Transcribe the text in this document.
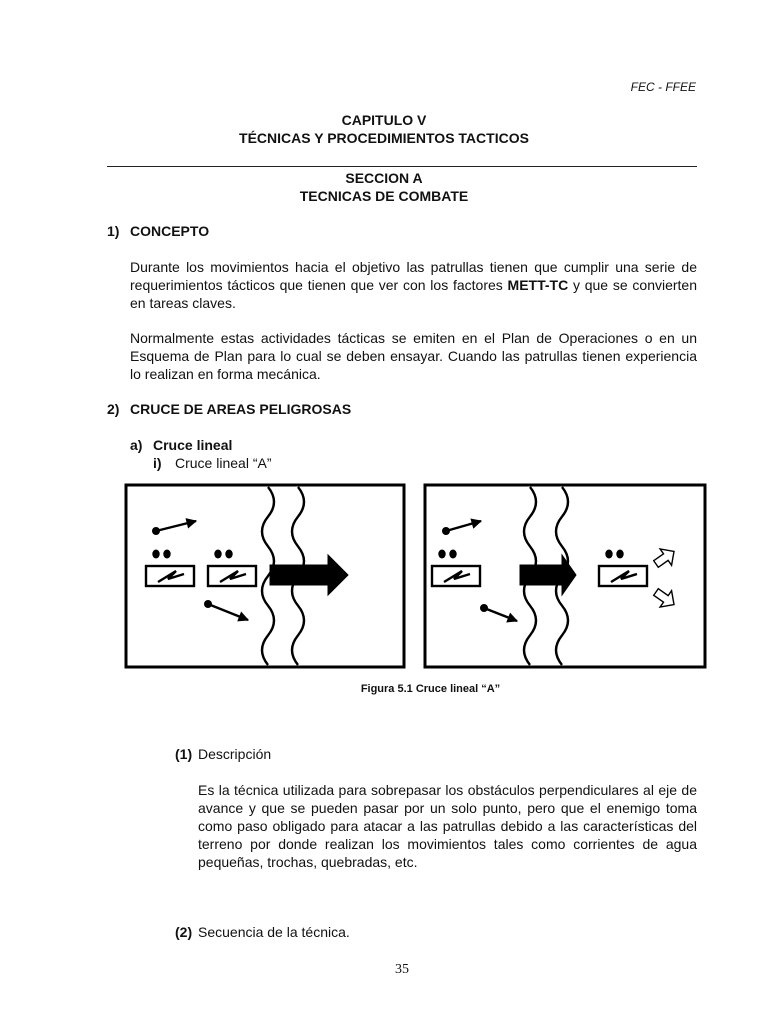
FEC - FFEE
CAPITULO V
TÉCNICAS Y PROCEDIMIENTOS TACTICOS
SECCION A
TECNICAS DE COMBATE
1) CONCEPTO
Durante los movimientos hacia el objetivo las patrullas tienen que cumplir una serie de requerimientos tácticos que tienen que ver con los factores METT-TC y que se convierten en tareas claves.
Normalmente estas actividades tácticas se emiten en el Plan de Operaciones o en un Esquema de Plan para lo cual se deben ensayar. Cuando las patrullas tienen experiencia lo realizan en forma mecánica.
2) CRUCE DE AREAS PELIGROSAS
a) Cruce lineal
i) Cruce lineal “A”
Figura 5.1 Cruce lineal “A”
(1) Descripción
Es la técnica utilizada para sobrepasar los obstáculos perpendiculares al eje de avance y que se pueden pasar por un solo punto, pero que el enemigo toma como paso obligado para atacar a las patrullas debido a las características del terreno por donde realizan los movimientos tales como corrientes de agua pequeñas, trochas, quebradas, etc.
(2) Secuencia de la técnica.
35
